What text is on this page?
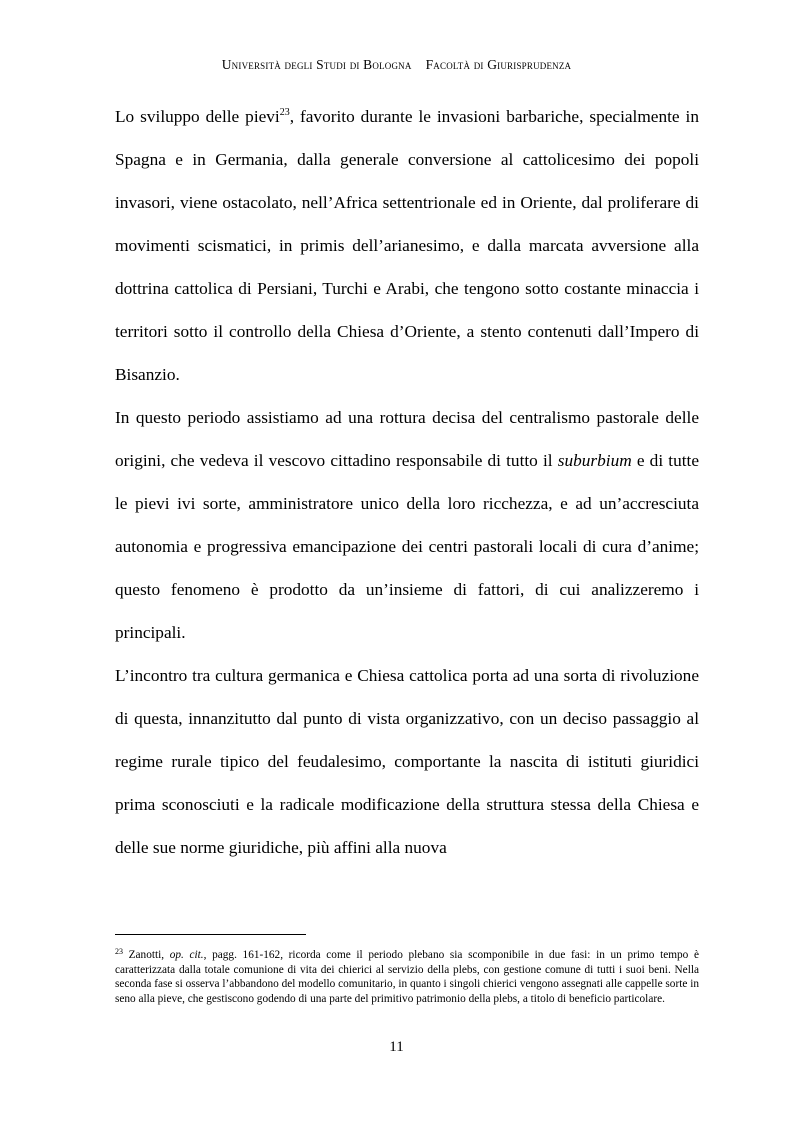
Università degli Studi di Bologna Facoltà di Giurisprudenza

Lo sviluppo delle pievi$^{23}$, favorito durante le invasioni barbariche, specialmente in Spagna e in Germania, dalla generale conversione al cattolicesimo dei popoli invasori, viene ostacolato, nell’Africa settentrionale ed in Oriente, dal proliferare di movimenti scismatici, in primis dell’arianesimo, e dalla marcata avversione alla dottrina cattolica di Persiani, Turchi e Arabi, che tengono sotto costante minaccia i territori sotto il controllo della Chiesa d’Oriente, a stento contenuti dall’Impero di Bisanzio.

In questo periodo assistiamo ad una rottura decisa del centralismo pastorale delle origini, che vedeva il vescovo cittadino responsabile di tutto il suburbium e di tutte le pievi ivi sorte, amministratore unico della loro ricchezza, e ad un’accresciuta autonomia e progressiva emancipazione dei centri pastorali locali di cura d’anime; questo fenomeno è prodotto da un’insieme di fattori, di cui analizzeremo i principali.

L’incontro tra cultura germanica e Chiesa cattolica porta ad una sorta di rivoluzione di questa, innanzitutto dal punto di vista organizzativo, con un deciso passaggio al regime rurale tipico del feudalesimo, comportante la nascita di istituti giuridici prima sconosciuti e la radicale modificazione della struttura stessa della Chiesa e delle sue norme giuridiche, più affini alla nuova

$^{23}$ Zanotti, op. cit., pagg. 161-162, ricorda come il periodo plebano sia scomponibile in due fasi: in un primo tempo è caratterizzata dalla totale comunione di vita dei chierici al servizio della plebs, con gestione comune di tutti i suoi beni. Nella seconda fase si osserva l’abbandono del modello comunitario, in quanto i singoli chierici vengono assegnati alle cappelle sorte in seno alla pieve, che gestiscono godendo di una parte del primitivo patrimonio della plebs, a titolo di beneficio particolare.
11
